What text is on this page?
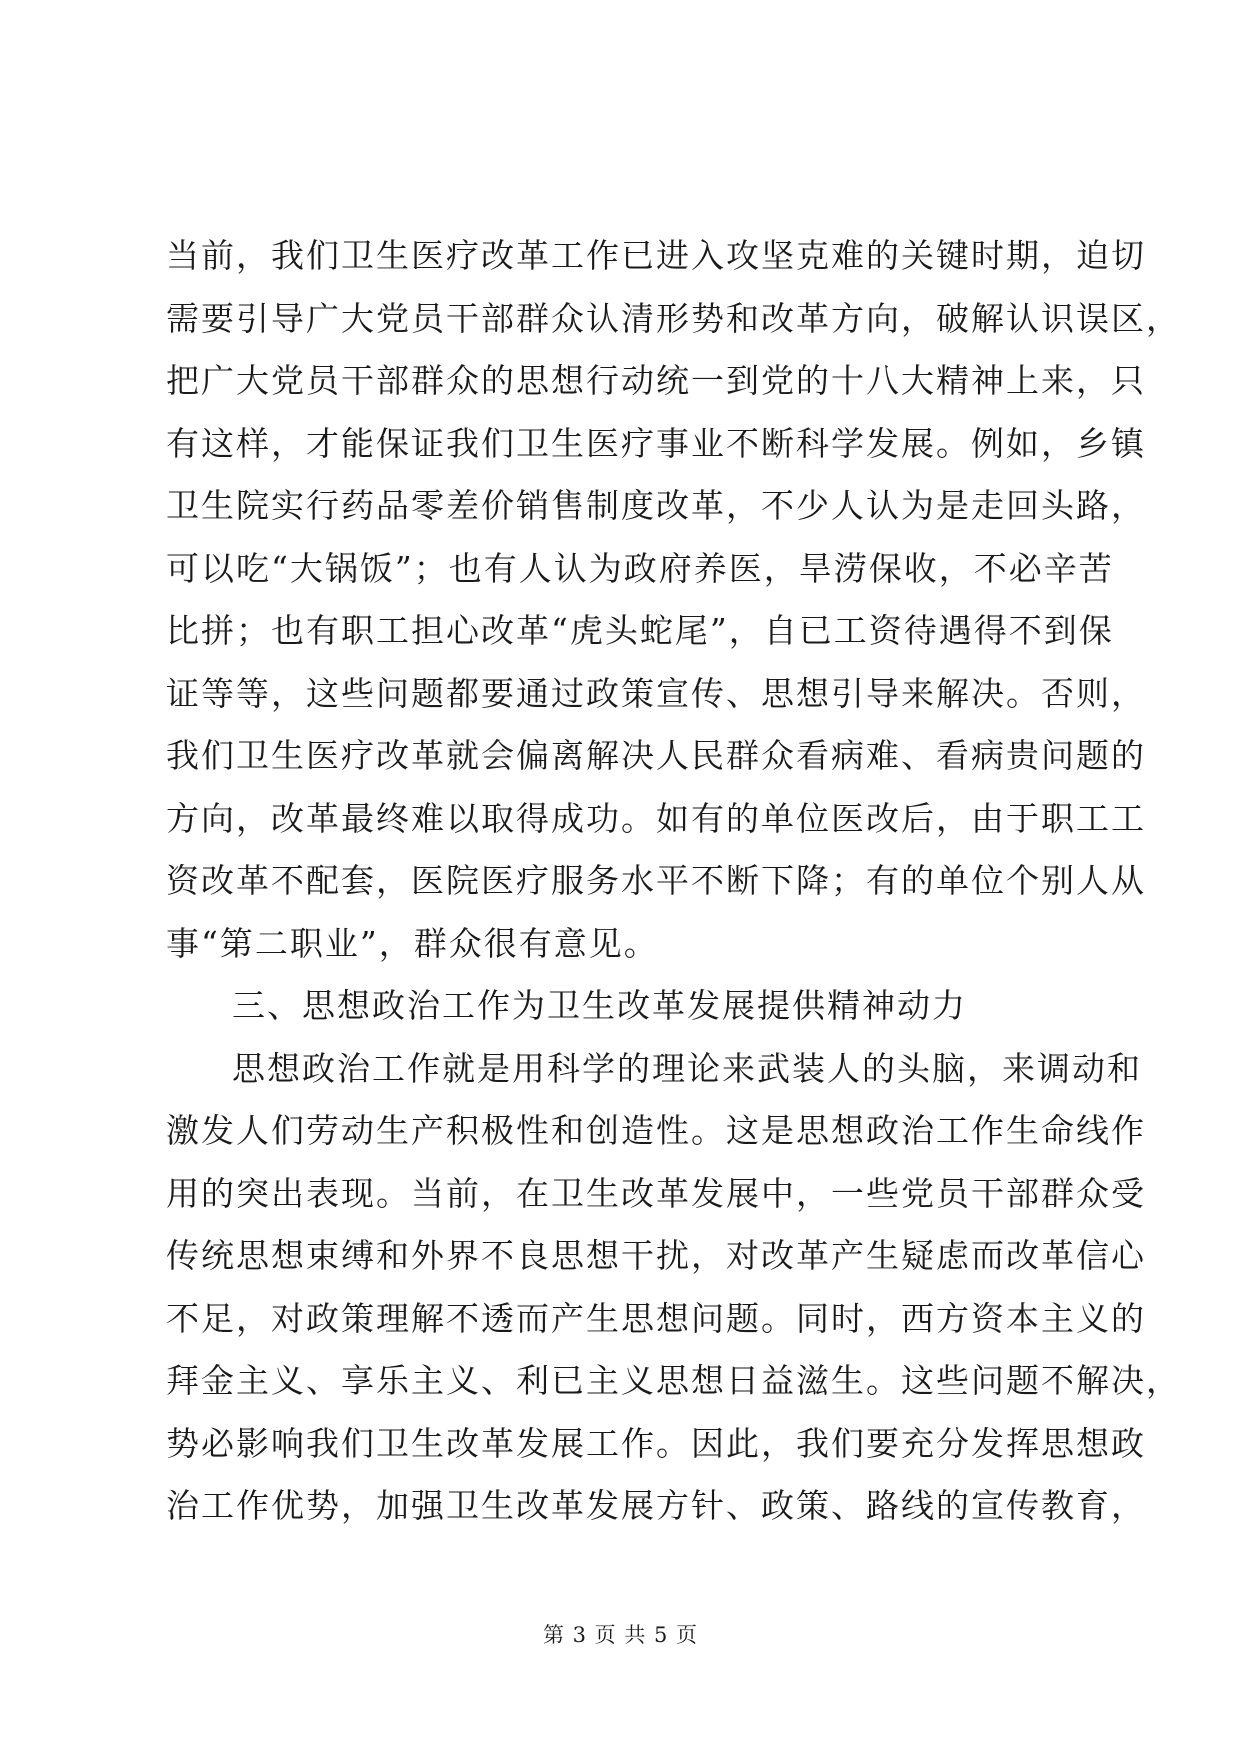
当前，我们卫生医疗改革工作已进入攻坚克难的关键时期，迫切
需要引导广大党员干部群众认清形势和改革方向，破解认识误区，
把广大党员干部群众的思想行动统一到党的十八大精神上来，只
有这样，才能保证我们卫生医疗事业不断科学发展。例如，乡镇
卫生院实行药品零差价销售制度改革，不少人认为是走回头路，
可以吃“大锅饭”；也有人认为政府养医，旱涝保收，不必辛苦
比拼；也有职工担心改革“虎头蛇尾”，自已工资待遇得不到保
证等等，这些问题都要通过政策宣传、思想引导来解决。否则，
我们卫生医疗改革就会偏离解决人民群众看病难、看病贵问题的
方向，改革最终难以取得成功。如有的单位医改后，由于职工工
资改革不配套，医院医疗服务水平不断下降；有的单位个别人从
事“第二职业”，群众很有意见。
三、思想政治工作为卫生改革发展提供精神动力
思想政治工作就是用科学的理论来武装人的头脑，来调动和
激发人们劳动生产积极性和创造性。这是思想政治工作生命线作
用的突出表现。当前，在卫生改革发展中，一些党员干部群众受
传统思想束缚和外界不良思想干扰，对改革产生疑虑而改革信心
不足，对政策理解不透而产生思想问题。同时，西方资本主义的
拜金主义、享乐主义、利已主义思想日益滋生。这些问题不解决，
势必影响我们卫生改革发展工作。因此，我们要充分发挥思想政
治工作优势，加强卫生改革发展方针、政策、路线的宣传教育，
第 3 页 共 5 页
